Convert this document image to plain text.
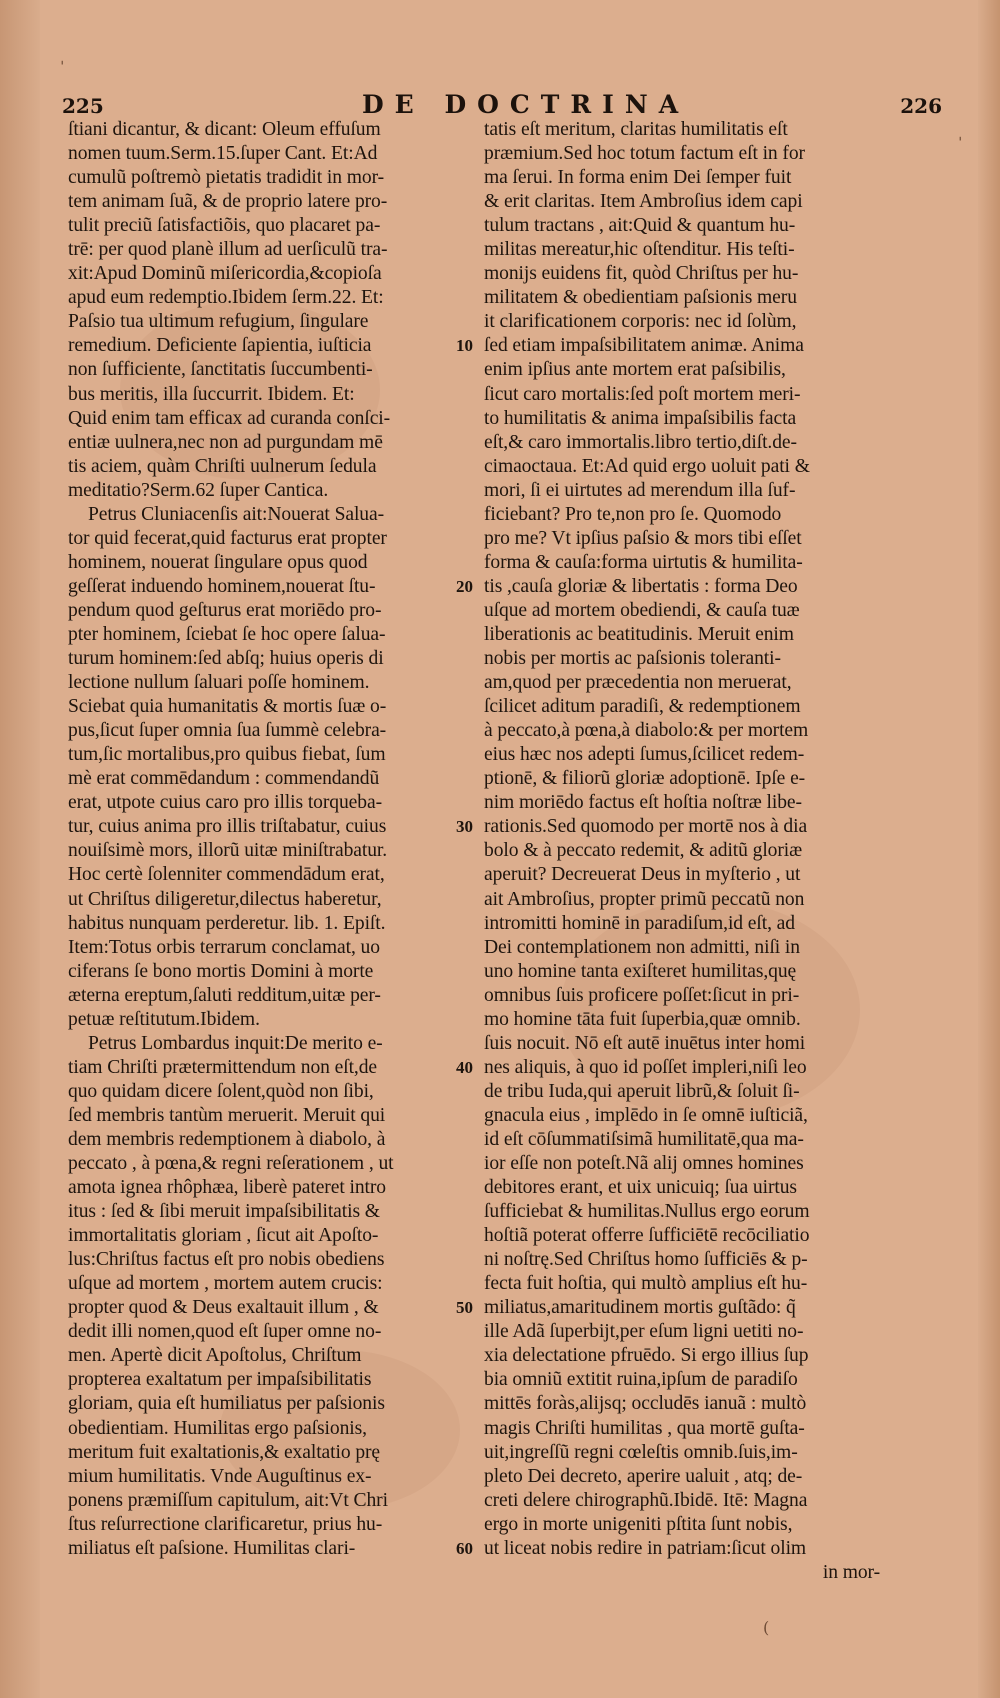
ˈ
ˈ
(
225	DE DOCTRINA	226
ſtiani dicantur, & dicant: Oleum effuſum
nomen tuum.Serm.15.ſuper Cant. Et:Ad
cumulũ poſtremò pietatis tradidit in mor-
tem animam ſuã, & de proprio latere pro-
tulit preciũ ſatisfactiõis, quo placaret pa-
trē: per quod planè illum ad uerſiculũ tra-
xit:Apud Dominũ miſericordia,&copioſa
apud eum redemptio.Ibidem ſerm.22. Et:
Paſsio tua ultimum refugium, ſingulare
remedium. Deficiente ſapientia, iuſticia
non ſufficiente, ſanctitatis ſuccumbenti-
bus meritis, illa ſuccurrit. Ibidem. Et:
Quid enim tam efficax ad curanda conſci-
entiæ uulnera,nec non ad purgundam mē
tis aciem, quàm Chriſti uulnerum ſedula
meditatio?Serm.62 ſuper Cantica.
Petrus Cluniacenſis ait:Nouerat Salua-
tor quid fecerat,quid facturus erat propter
hominem, nouerat ſingulare opus quod
geſſerat induendo hominem,nouerat ſtu-
pendum quod geſturus erat moriēdo pro-
pter hominem, ſciebat ſe hoc opere ſalua-
turum hominem:ſed abſq; huius operis di
lectione nullum ſaluari poſſe hominem.
Sciebat quia humanitatis & mortis ſuæ o-
pus,ſicut ſuper omnia ſua ſummè celebra-
tum,ſic mortalibus,pro quibus fiebat, ſum
mè erat commēdandum : commendandũ
erat, utpote cuius caro pro illis torqueba-
tur, cuius anima pro illis triſtabatur, cuius
nouiſsimè mors, illorũ uitæ miniſtrabatur.
Hoc certè ſolenniter commendādum erat,
ut Chriſtus diligeretur,dilectus haberetur,
habitus nunquam perderetur. lib. 1. Epiſt.
Item:Totus orbis terrarum conclamat, uo
ciferans ſe bono mortis Domini à morte
æterna ereptum,ſaluti redditum,uitæ per-
petuæ reſtitutum.Ibidem.
Petrus Lombardus inquit:De merito e-
tiam Chriſti prætermittendum non eſt,de
quo quidam dicere ſolent,quòd non ſibi,
ſed membris tantùm meruerit. Meruit qui
dem membris redemptionem à diabolo, à
peccato , à pœna,& regni reſerationem , ut
amota ignea rhôphæa, liberè pateret intro
itus : ſed & ſibi meruit impaſsibilitatis &
immortalitatis gloriam , ſicut ait Apoſto-
lus:Chriſtus factus eſt pro nobis obediens
uſque ad mortem , mortem autem crucis:
propter quod & Deus exaltauit illum , &
dedit illi nomen,quod eſt ſuper omne no-
men. Apertè dicit Apoſtolus, Chriſtum
propterea exaltatum per impaſsibilitatis
gloriam, quia eſt humiliatus per paſsionis
obedientiam. Humilitas ergo paſsionis,
meritum fuit exaltationis,& exaltatio prę
mium humilitatis. Vnde Auguſtinus ex-
ponens præmiſſum capitulum, ait:Vt Chri
ſtus reſurrectione clarificaretur, prius hu-
miliatus eſt paſsione. Humilitas clari-
tatis eſt meritum, claritas humilitatis eſt
præmium.Sed hoc totum factum eſt in for
ma ſerui. In forma enim Dei ſemper fuit
& erit claritas. Item Ambroſius idem capi
tulum tractans , ait:Quid & quantum hu-
militas mereatur,hic oſtenditur. His teſti-
monijs euidens fit, quòd Chriſtus per hu-
militatem & obedientiam paſsionis meru
it clarificationem corporis: nec id ſolùm,
ſed etiam impaſsibilitatem animæ. Anima
enim ipſius ante mortem erat paſsibilis,
ſicut caro mortalis:ſed poſt mortem meri-
to humilitatis & anima impaſsibilis facta
eſt,& caro immortalis.libro tertio,diſt.de-
cimaoctaua. Et:Ad quid ergo uoluit pati &
mori, ſi ei uirtutes ad merendum illa ſuf-
ficiebant? Pro te,non pro ſe. Quomodo
pro me? Vt ipſius paſsio & mors tibi eſſet
forma & cauſa:forma uirtutis & humilita-
tis ,cauſa gloriæ & libertatis : forma Deo
uſque ad mortem obediendi, & cauſa tuæ
liberationis ac beatitudinis. Meruit enim
nobis per mortis ac paſsionis toleranti-
am,quod per præcedentia non meruerat,
ſcilicet aditum paradiſi, & redemptionem
à peccato,à pœna,à diabolo:& per mortem
eius hæc nos adepti ſumus,ſcilicet redem-
ptionē, & filiorũ gloriæ adoptionē. Ipſe e-
nim moriēdo factus eſt hoſtia noſtræ libe-
rationis.Sed quomodo per mortē nos à dia
bolo & à peccato redemit, & aditũ gloriæ
aperuit? Decreuerat Deus in myſterio , ut
ait Ambroſius, propter primũ peccatũ non
intromitti hominē in paradiſum,id eſt, ad
Dei contemplationem non admitti, niſi in
uno homine tanta exiſteret humilitas,quę
omnibus ſuis proficere poſſet:ſicut in pri-
mo homine tāta fuit ſuperbia,quæ omnib.
ſuis nocuit. Nō eſt autē inuētus inter homi
nes aliquis, à quo id poſſet impleri,niſi leo
de tribu Iuda,qui aperuit librũ,& ſoluit ſi-
gnacula eius , implēdo in ſe omnē iuſticiã,
id eſt cōſummatiſsimã humilitatē,qua ma-
ior eſſe non poteſt.Nã alij omnes homines
debitores erant, et uix unicuiq; ſua uirtus
ſufficiebat & humilitas.Nullus ergo eorum
hoſtiã poterat offerre ſufficiētē recōciliatio
ni noſtrę.Sed Chriſtus homo ſufficiēs & p-
fecta fuit hoſtia, qui multò amplius eſt hu-
miliatus,amaritudinem mortis guſtãdo: q̃
ille Adã ſuperbijt,per eſum ligni uetiti no-
xia delectatione pfruēdo. Si ergo illius ſup
bia omniũ extitit ruina,ipſum de paradiſo
mittēs foràs,alijsq; occludēs ianuã : multò
magis Chriſti humilitas , qua mortē guſta-
uit,ingreſſũ regni cœleſtis omnib.ſuis,im-
pleto Dei decreto, aperire ualuit , atq; de-
creti delere chirographũ.Ibidē. Itē: Magna
ergo in morte unigeniti pſtita ſunt nobis,
ut liceat nobis redire in patriam:ſicut olim
in mor-
10
20
30
40
50
60
